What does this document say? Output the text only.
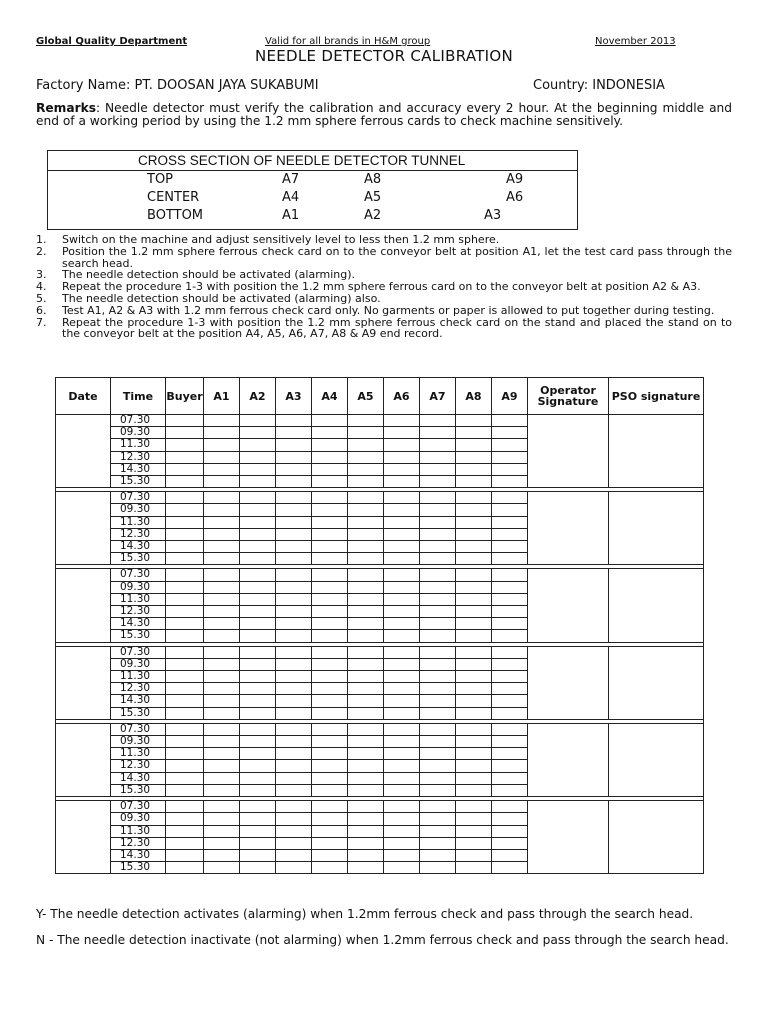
Global Quality Department	Valid for all brands in H&M group	November 2013
NEEDLE DETECTOR CALIBRATION
Factory Name: PT. DOOSAN JAYA SUKABUMI	Country: INDONESIA
Remarks: Needle detector must verify the calibration and accuracy every 2 hour. At the beginning middle and end of a working period by using the 1.2 mm sphere ferrous cards to check machine sensitively.
CROSS SECTION OF NEEDLE DETECTOR TUNNEL
TOP	A7	A8	A9
CENTER	A4	A5	A6
BOTTOM	A1	A2	A3
1.	Switch on the machine and adjust sensitively level to less then 1.2 mm sphere.
2.	Position the 1.2 mm sphere ferrous check card on to the conveyor belt at position A1, let the test card pass through the search head.
3.	The needle detection should be activated (alarming).
4.	Repeat the procedure 1-3 with position the 1.2 mm sphere ferrous card on to the conveyor belt at position A2 & A3.
5.	The needle detection should be activated (alarming) also.
6.	Test A1, A2 & A3 with 1.2 mm ferrous check card only. No garments or paper is allowed to put together during testing.
7.	Repeat the procedure 1-3 with position the 1.2 mm sphere ferrous check card on the stand and placed the stand on to the conveyor belt at the position A4, A5, A6, A7, A8 & A9 end record.
Date	Time	Buyer	A1	A2	A3	A4	A5	A6	A7	A8	A9	Operator Signature	PSO signature
	07.30												
	09.30												
	11.30												
	12.30												
	14.30												
	15.30												

	07.30												
	09.30												
	11.30												
	12.30												
	14.30												
	15.30												

	07.30												
	09.30												
	11.30												
	12.30												
	14.30												
	15.30												

	07.30												
	09.30												
	11.30												
	12.30												
	14.30												
	15.30												

	07.30												
	09.30												
	11.30												
	12.30												
	14.30												
	15.30												

	07.30												
	09.30												
	11.30												
	12.30												
	14.30												
	15.30												
Y- The needle detection activates (alarming) when 1.2mm ferrous check and pass through the search head.
N - The needle detection inactivate (not alarming) when 1.2mm ferrous check and pass through the search head.
